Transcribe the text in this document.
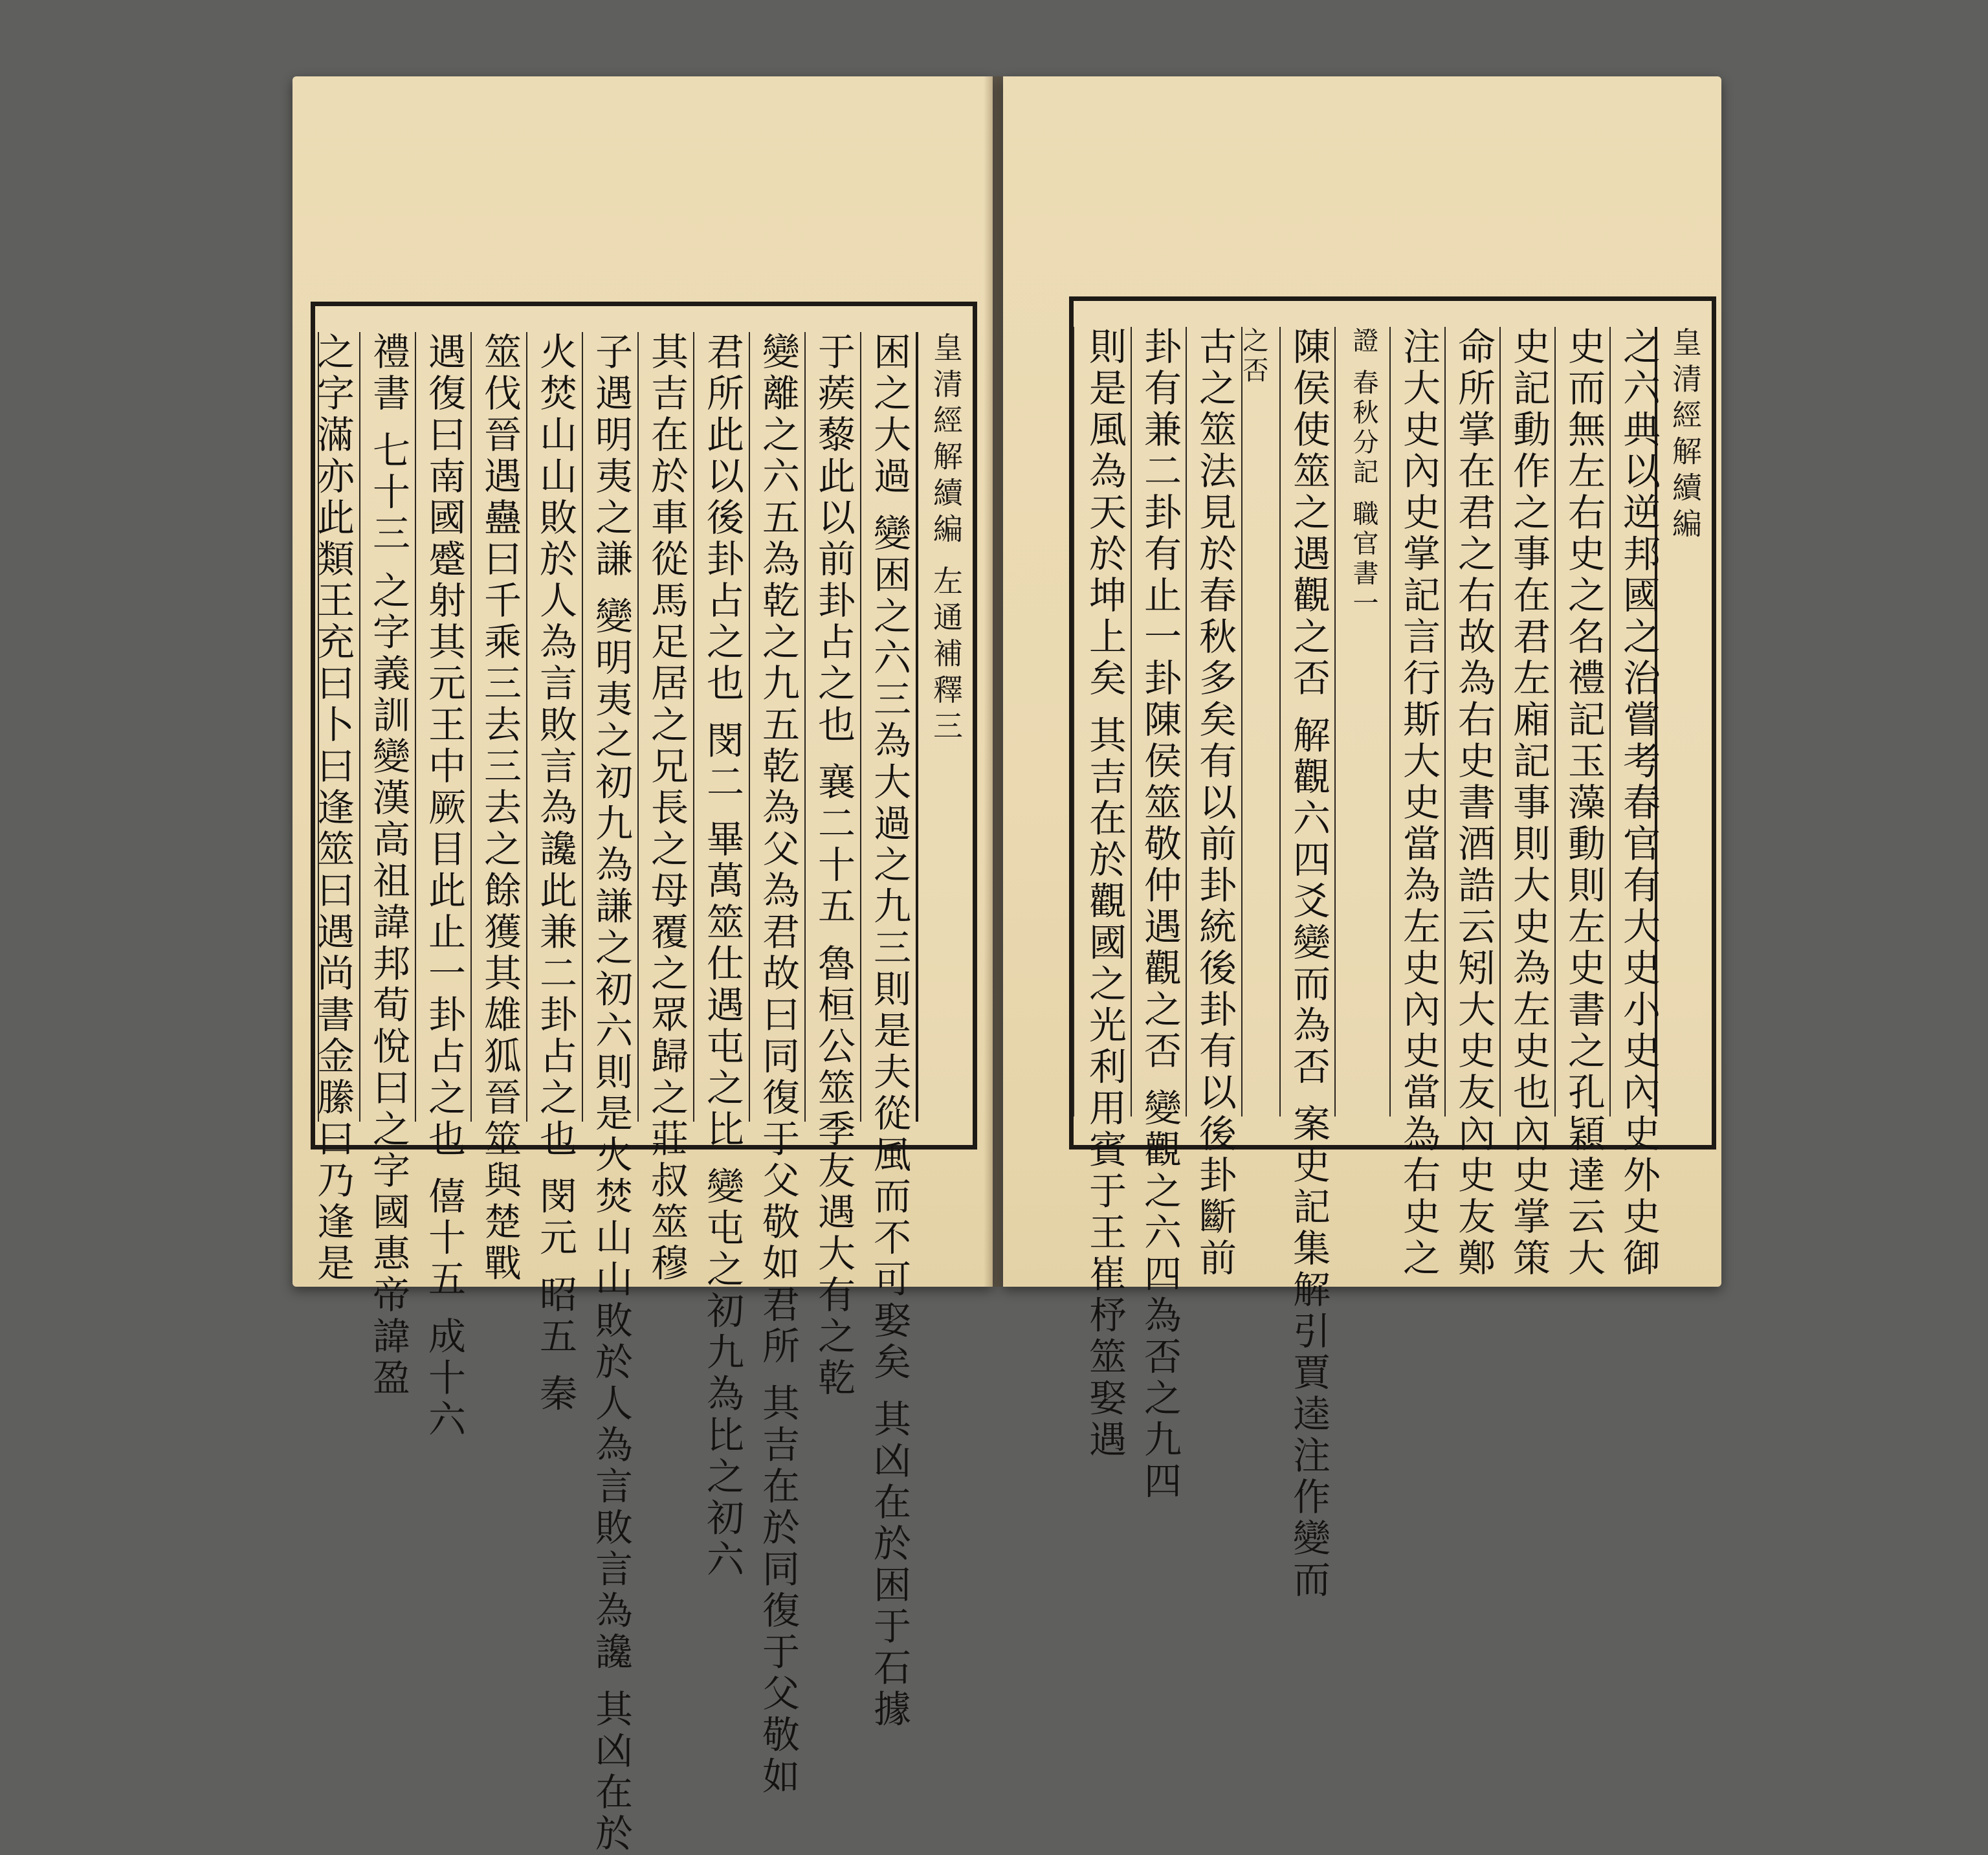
皇清經解續編 左通補釋三
困之大過 變困之六三為大過之九三則是夫從風而不可娶矣 其凶在於困于石據
于蒺藜此以前卦占之也 襄二十五 魯桓公筮季友遇大有之乾
變離之六五為乾之九五乾為父為君故曰同復于父敬如君所 其吉在於同復于父敬如
君所此以後卦占之也 閔二 畢萬筮仕遇屯之比 變屯之初九為比之初六
其吉在於車從馬足居之兄長之母覆之眾歸之莊叔筮穆
子遇明夷之謙 變明夷之初九為謙之初六則是火焚山山敗於人為言敗言為讒 其凶在於
火焚山山敗於人為言敗言為讒此兼二卦占之也 閔元 昭五 秦
筮伐晉遇蠱曰千乘三去三去之餘獲其雄狐晉筮與楚戰
遇復曰南國蹙射其元王中厥目此止一卦占之也 僖十五 成十六
禮書 七十三 之字義訓變漢高祖諱邦荀悅曰之字國惠帝諱盈
之字滿亦此類王充曰卜曰逢筮曰遇尚書金縢曰乃逢是	皇清經解續編
之六典以逆邦國之治嘗考春官有大史小史內史外史御
史而無左右史之名禮記玉藻動則左史書之孔穎達云大
史記動作之事在君左廂記事則大史為左史也內史掌策
命所掌在君之右故為右史書酒誥云矧大史友內史友鄭
注大史內史掌記言行斯大史當為左史內史當為右史之
證 春秋分記 職官書一
陳侯使筮之遇觀之否 解觀六四爻變而為否 案史記集解引賈逵注作變而
之否
古之筮法見於春秋多矣有以前卦統後卦有以後卦斷前
卦有兼二卦有止一卦陳侯筮敬仲遇觀之否 變觀之六四為否之九四
則是風為天於坤上矣 其吉在於觀國之光利用賓于王崔杼筮娶遇
